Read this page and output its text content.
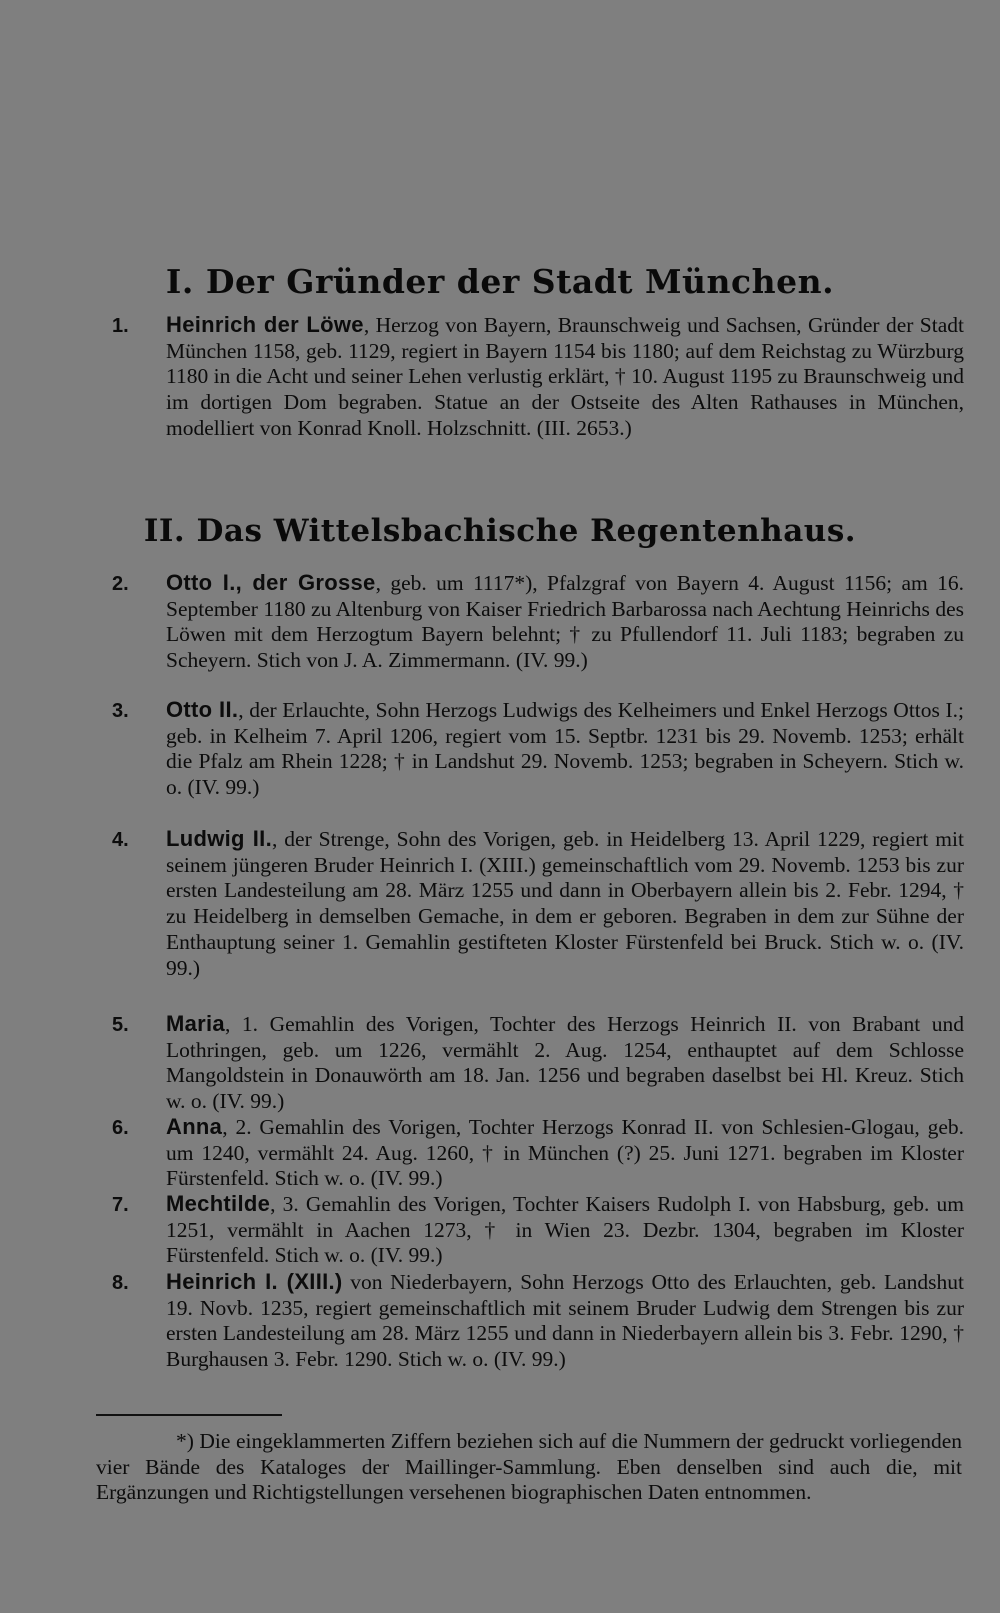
I. Der Gründer der Stadt München.
1.	Heinrich der Löwe, Herzog von Bayern, Braunschweig und Sachsen, Gründer der Stadt München 1158, geb. 1129, regiert in Bayern 1154 bis 1180; auf dem Reichstag zu Würzburg 1180 in die Acht und seiner Lehen verlustig erklärt, † 10. August 1195 zu Braunschweig und im dortigen Dom begraben. Statue an der Ostseite des Alten Rathauses in München, modelliert von Konrad Knoll. Holzschnitt. (III. 2653.)
II. Das Wittelsbachische Regentenhaus.
2.	Otto I., der Grosse, geb. um 1117*), Pfalzgraf von Bayern 4. August 1156; am 16. September 1180 zu Altenburg von Kaiser Friedrich Barbarossa nach Aechtung Heinrichs des Löwen mit dem Herzogtum Bayern belehnt; † zu Pfullendorf 11. Juli 1183; begraben zu Scheyern. Stich von J. A. Zimmermann. (IV. 99.)
3.	Otto II., der Erlauchte, Sohn Herzogs Ludwigs des Kelheimers und Enkel Herzogs Ottos I.; geb. in Kelheim 7. April 1206, regiert vom 15. Septbr. 1231 bis 29. Novemb. 1253; erhält die Pfalz am Rhein 1228; † in Landshut 29. Novemb. 1253; begraben in Scheyern. Stich w. o. (IV. 99.)
4.	Ludwig II., der Strenge, Sohn des Vorigen, geb. in Heidelberg 13. April 1229, regiert mit seinem jüngeren Bruder Heinrich I. (XIII.) gemeinschaftlich vom 29. Novemb. 1253 bis zur ersten Landesteilung am 28. März 1255 und dann in Oberbayern allein bis 2. Febr. 1294, † zu Heidelberg in demselben Gemache, in dem er geboren. Begraben in dem zur Sühne der Enthauptung seiner 1. Gemahlin gestifteten Kloster Fürstenfeld bei Bruck. Stich w. o. (IV. 99.)
5.	Maria, 1. Gemahlin des Vorigen, Tochter des Herzogs Heinrich II. von Brabant und Lothringen, geb. um 1226, vermählt 2. Aug. 1254, enthauptet auf dem Schlosse Mangoldstein in Donauwörth am 18. Jan. 1256 und begraben daselbst bei Hl. Kreuz. Stich w. o. (IV. 99.)
6.	Anna, 2. Gemahlin des Vorigen, Tochter Herzogs Konrad II. von Schlesien-Glogau, geb. um 1240, vermählt 24. Aug. 1260, † in München (?) 25. Juni 1271. begraben im Kloster Fürstenfeld. Stich w. o. (IV. 99.)
7.	Mechtilde, 3. Gemahlin des Vorigen, Tochter Kaisers Rudolph I. von Habsburg, geb. um 1251, vermählt in Aachen 1273, † in Wien 23. Dezbr. 1304, begraben im Kloster Fürstenfeld. Stich w. o. (IV. 99.)
8.	Heinrich I. (XIII.) von Niederbayern, Sohn Herzogs Otto des Erlauchten, geb. Landshut 19. Novb. 1235, regiert gemeinschaftlich mit seinem Bruder Ludwig dem Strengen bis zur ersten Landesteilung am 28. März 1255 und dann in Niederbayern allein bis 3. Febr. 1290, † Burghausen 3. Febr. 1290. Stich w. o. (IV. 99.)
*) Die eingeklammerten Ziffern beziehen sich auf die Nummern der gedruckt vorliegenden vier Bände des Kataloges der Maillinger-Sammlung. Eben denselben sind auch die, mit Ergänzungen und Richtigstellungen versehenen biographischen Daten entnommen.
